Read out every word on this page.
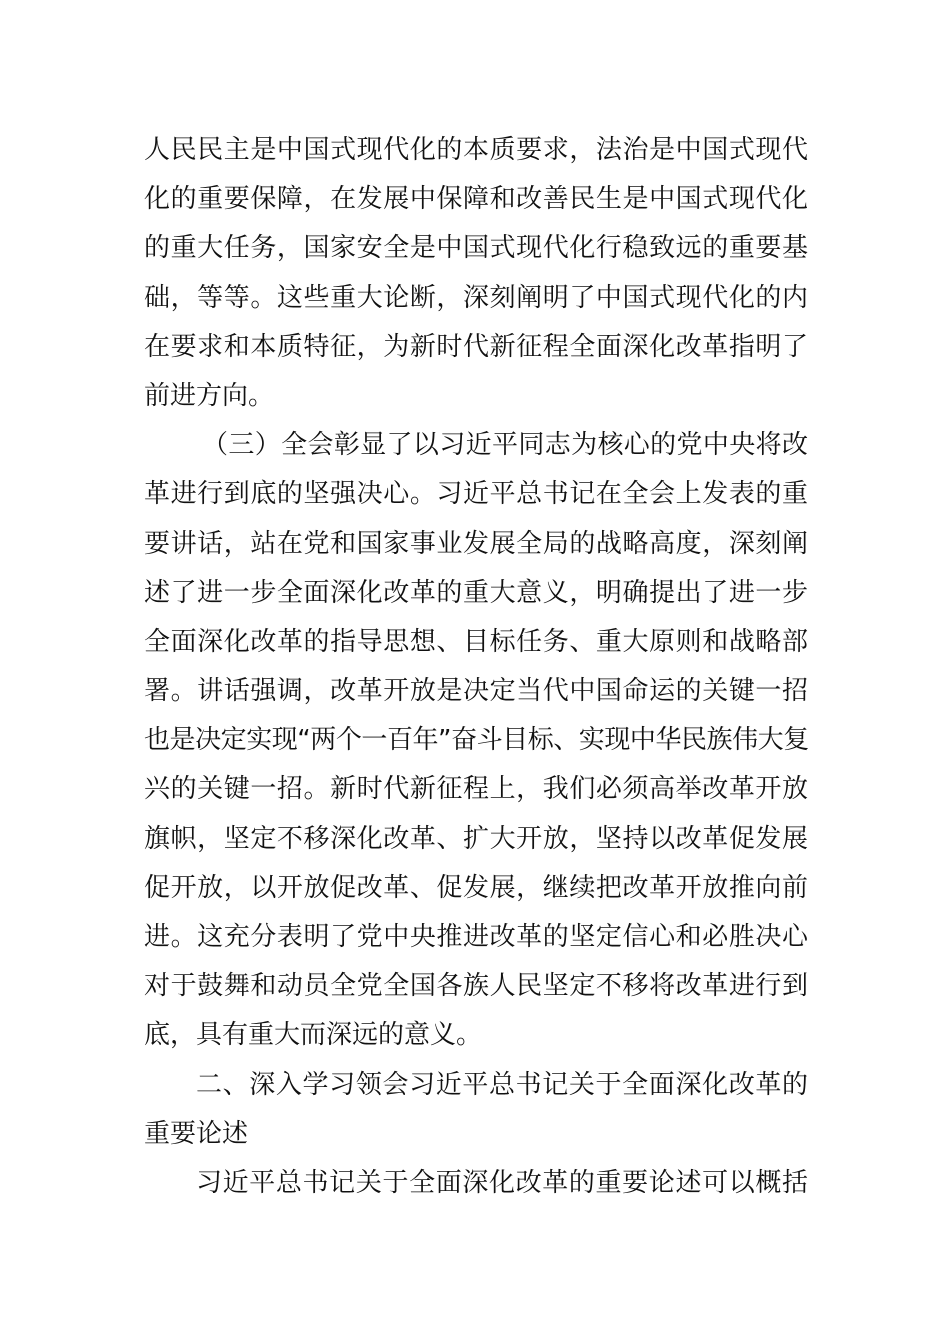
人民民主是中国式现代化的本质要求，法治是中国式现代
化的重要保障，在发展中保障和改善民生是中国式现代化
的重大任务，国家安全是中国式现代化行稳致远的重要基
础，等等。这些重大论断，深刻阐明了中国式现代化的内
在要求和本质特征，为新时代新征程全面深化改革指明了
前进方向。
（三）全会彰显了以习近平同志为核心的党中央将改
革进行到底的坚强决心。习近平总书记在全会上发表的重
要讲话，站在党和国家事业发展全局的战略高度，深刻阐
述了进一步全面深化改革的重大意义，明确提出了进一步
全面深化改革的指导思想、目标任务、重大原则和战略部
署。讲话强调，改革开放是决定当代中国命运的关键一招
也是决定实现“两个一百年”奋斗目标、实现中华民族伟大复
兴的关键一招。新时代新征程上，我们必须高举改革开放
旗帜，坚定不移深化改革、扩大开放，坚持以改革促发展
促开放，以开放促改革、促发展，继续把改革开放推向前
进。这充分表明了党中央推进改革的坚定信心和必胜决心
对于鼓舞和动员全党全国各族人民坚定不移将改革进行到
底，具有重大而深远的意义。
二、深入学习领会习近平总书记关于全面深化改革的
重要论述
习近平总书记关于全面深化改革的重要论述可以概括
